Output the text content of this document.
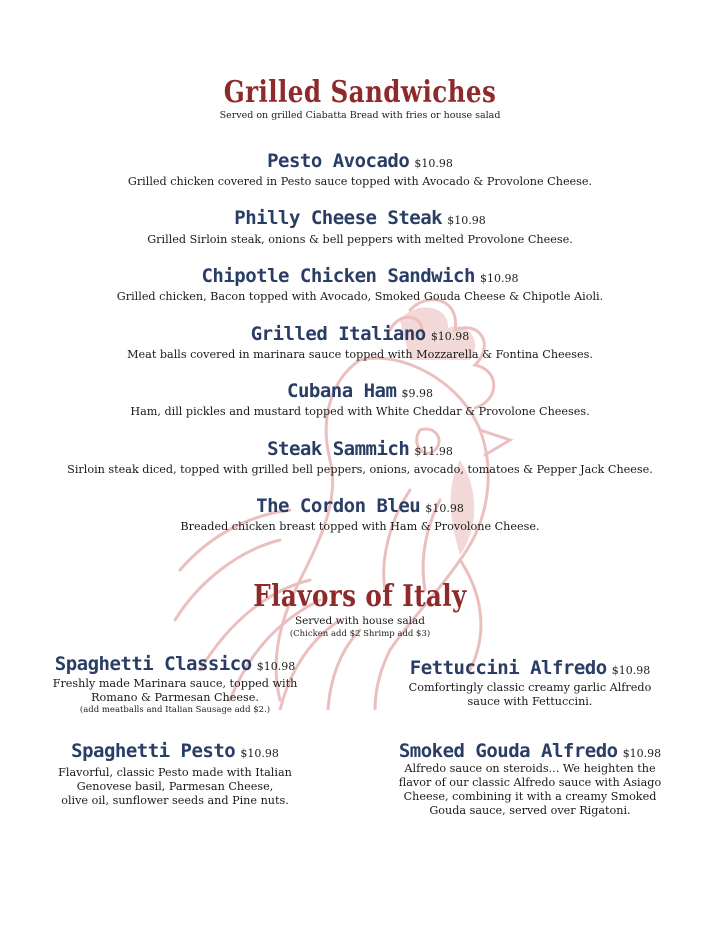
Grilled Sandwiches
Served on grilled Ciabatta Bread with fries or house salad
Pesto Avocado $10.98
Grilled chicken covered in Pesto sauce topped with Avocado & Provolone Cheese.
Philly Cheese Steak $10.98
Grilled Sirloin steak, onions & bell peppers with melted Provolone Cheese.
Chipotle Chicken Sandwich $10.98
Grilled chicken, Bacon topped with Avocado, Smoked Gouda Cheese & Chipotle Aioli.
Grilled Italiano $10.98
Meat balls covered in marinara sauce topped with Mozzarella & Fontina Cheeses.
Cubana Ham $9.98
Ham, dill pickles and mustard topped with White Cheddar & Provolone Cheeses.
Steak Sammich $11.98
Sirloin steak diced, topped with grilled bell peppers, onions, avocado, tomatoes & Pepper Jack Cheese.
The Cordon Bleu $10.98
Breaded chicken breast topped with Ham & Provolone Cheese.
Flavors of Italy
Served with house salad
(Chicken add $2 Shrimp add $3)
Spaghetti Classico $10.98
Freshly made Marinara sauce, topped with
Romano & Parmesan Cheese.
(add meatballs and Italian Sausage add $2.)
Fettuccini Alfredo $10.98
Comfortingly classic creamy garlic Alfredo
sauce with Fettuccini.
Spaghetti Pesto $10.98
Flavorful, classic Pesto made with Italian
Genovese basil, Parmesan Cheese,
olive oil, sunflower seeds and Pine nuts.
Smoked Gouda Alfredo $10.98
Alfredo sauce on steroids... We heighten the
flavor of our classic Alfredo sauce with Asiago
Cheese, combining it with a creamy Smoked
Gouda sauce, served over Rigatoni.
